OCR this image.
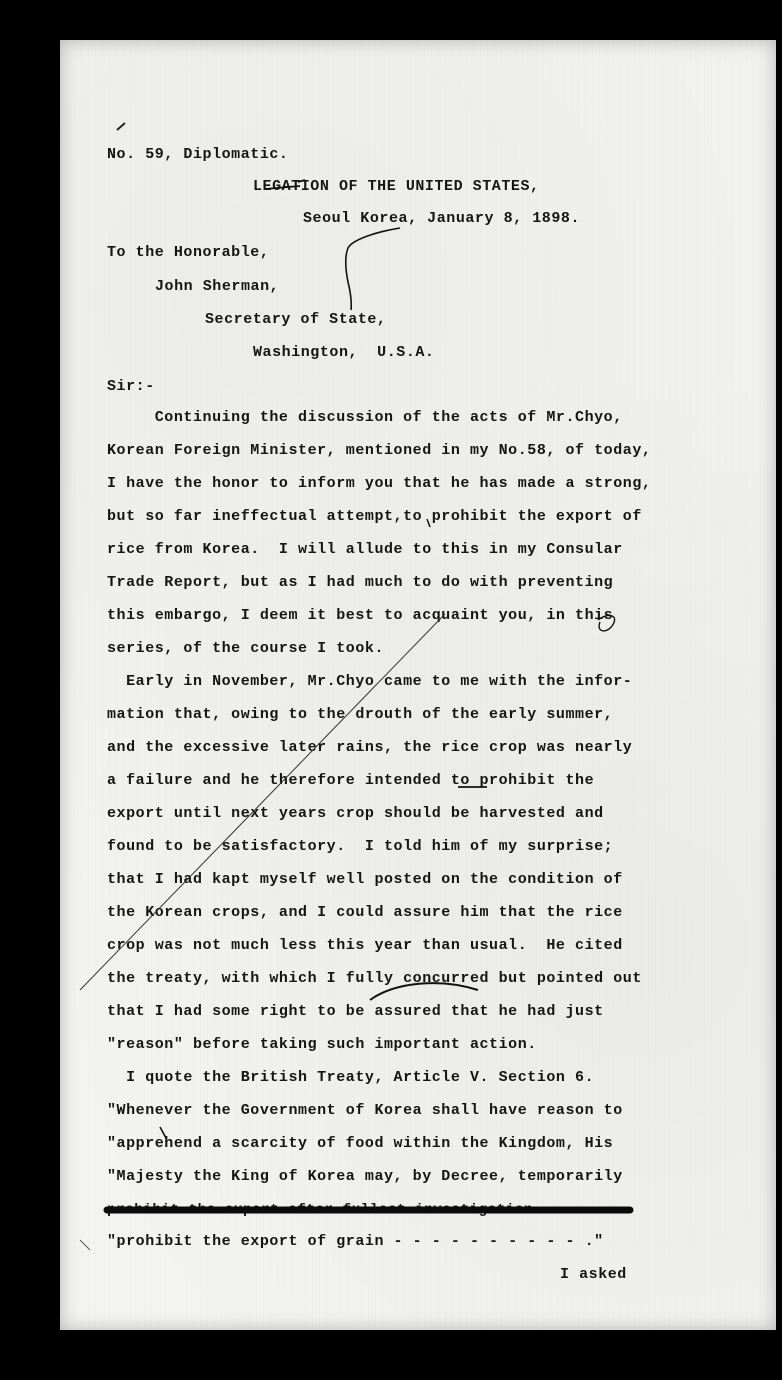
No. 59, Diplomatic.
LEGATION OF THE UNITED STATES,
Seoul Korea, January 8, 1898.
To the Honorable,
John Sherman,
Secretary of State,
Washington,  U.S.A.
Sir:-
Continuing the discussion of the acts of Mr.Chyo,
Korean Foreign Minister, mentioned in my No.58, of today,
I have the honor to inform you that he has made a strong,
but so far ineffectual attempt,to prohibit the export of
rice from Korea.  I will allude to this in my Consular
Trade Report, but as I had much to do with preventing
this embargo, I deem it best to acquaint you, in this
series, of the course I took.
Early in November, Mr.Chyo came to me with the infor-
mation that, owing to the drouth of the early summer,
and the excessive later rains, the rice crop was nearly
a failure and he therefore intended to prohibit the
export until next years crop should be harvested and
found to be satisfactory.  I told him of my surprise;
that I had kapt myself well posted on the condition of
the Korean crops, and I could assure him that the rice
crop was not much less this year than usual.  He cited
the treaty, with which I fully concurred but pointed out
that I had some right to be assured that he had just
"reason" before taking such important action.
I quote the British Treaty, Article V. Section 6.
"Whenever the Government of Korea shall have reason to
"apprehend a scarcity of food within the Kingdom, His
"Majesty the King of Korea may, by Decree, temporarily
prohibit the export after fullest investigation - - - - -
"prohibit the export of grain - - - - - - - - - - ."
I asked
